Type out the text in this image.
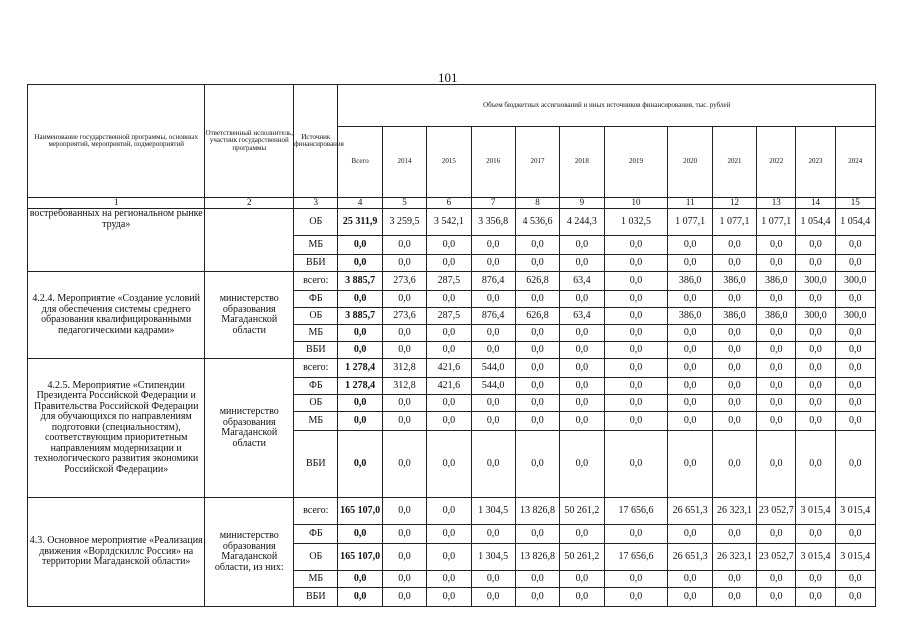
101
Наименование государственной программы, основных мероприятий, мероприятий, подмероприятий	Ответственный исполнитель, участник государственной программы	Источник финансирования	Объем бюджетных ассигнований и иных источников финансирования, тыс. рублей											
			Всего	2014	2015	2016	2017	2018	2019	2020	2021	2022	2023	2024
1	2	3	4	5	6	7	8	9	10	11	12	13	14	15
востребованных на региональном рынке труда»		ОБ	25 311,9	3 259,5	3 542,1	3 356,8	4 536,6	4 244,3	1 032,5	1 077,1	1 077,1	1 077,1	1 054,4	1 054,4
		МБ	0,0	0,0	0,0	0,0	0,0	0,0	0,0	0,0	0,0	0,0	0,0	0,0
		ВБИ	0,0	0,0	0,0	0,0	0,0	0,0	0,0	0,0	0,0	0,0	0,0	0,0
4.2.4. Мероприятие «Создание условий для обеспечения системы среднего образования квалифицированными педагогическими кадрами»	министерство образования Магаданской области	всего:	3 885,7	273,6	287,5	876,4	626,8	63,4	0,0	386,0	386,0	386,0	300,0	300,0
		ФБ	0,0	0,0	0,0	0,0	0,0	0,0	0,0	0,0	0,0	0,0	0,0	0,0
		ОБ	3 885,7	273,6	287,5	876,4	626,8	63,4	0,0	386,0	386,0	386,0	300,0	300,0
		МБ	0,0	0,0	0,0	0,0	0,0	0,0	0,0	0,0	0,0	0,0	0,0	0,0
		ВБИ	0,0	0,0	0,0	0,0	0,0	0,0	0,0	0,0	0,0	0,0	0,0	0,0
4.2.5. Мероприятие «Стипендии Президента Российской Федерации и Правительства Российской Федерации для обучающихся по направлениям подготовки (специальностям), соответствующим приоритетным направлениям модернизации и технологического развития экономики Российской Федерации»	министерство образования Магаданской области	всего:	1 278,4	312,8	421,6	544,0	0,0	0,0	0,0	0,0	0,0	0,0	0,0	0,0
		ФБ	1 278,4	312,8	421,6	544,0	0,0	0,0	0,0	0,0	0,0	0,0	0,0	0,0
		ОБ	0,0	0,0	0,0	0,0	0,0	0,0	0,0	0,0	0,0	0,0	0,0	0,0
		МБ	0,0	0,0	0,0	0,0	0,0	0,0	0,0	0,0	0,0	0,0	0,0	0,0
		ВБИ	0,0	0,0	0,0	0,0	0,0	0,0	0,0	0,0	0,0	0,0	0,0	0,0
4.3. Основное мероприятие «Реализация движения «Ворлдскиллс Россия» на территории Магаданской области»	министерство образования Магаданской области, из них:	всего:	165 107,0	0,0	0,0	1 304,5	13 826,8	50 261,2	17 656,6	26 651,3	26 323,1	23 052,7	3 015,4	3 015,4
		ФБ	0,0	0,0	0,0	0,0	0,0	0,0	0,0	0,0	0,0	0,0	0,0	0,0
		ОБ	165 107,0	0,0	0,0	1 304,5	13 826,8	50 261,2	17 656,6	26 651,3	26 323,1	23 052,7	3 015,4	3 015,4
		МБ	0,0	0,0	0,0	0,0	0,0	0,0	0,0	0,0	0,0	0,0	0,0	0,0
		ВБИ	0,0	0,0	0,0	0,0	0,0	0,0	0,0	0,0	0,0	0,0	0,0	0,0
